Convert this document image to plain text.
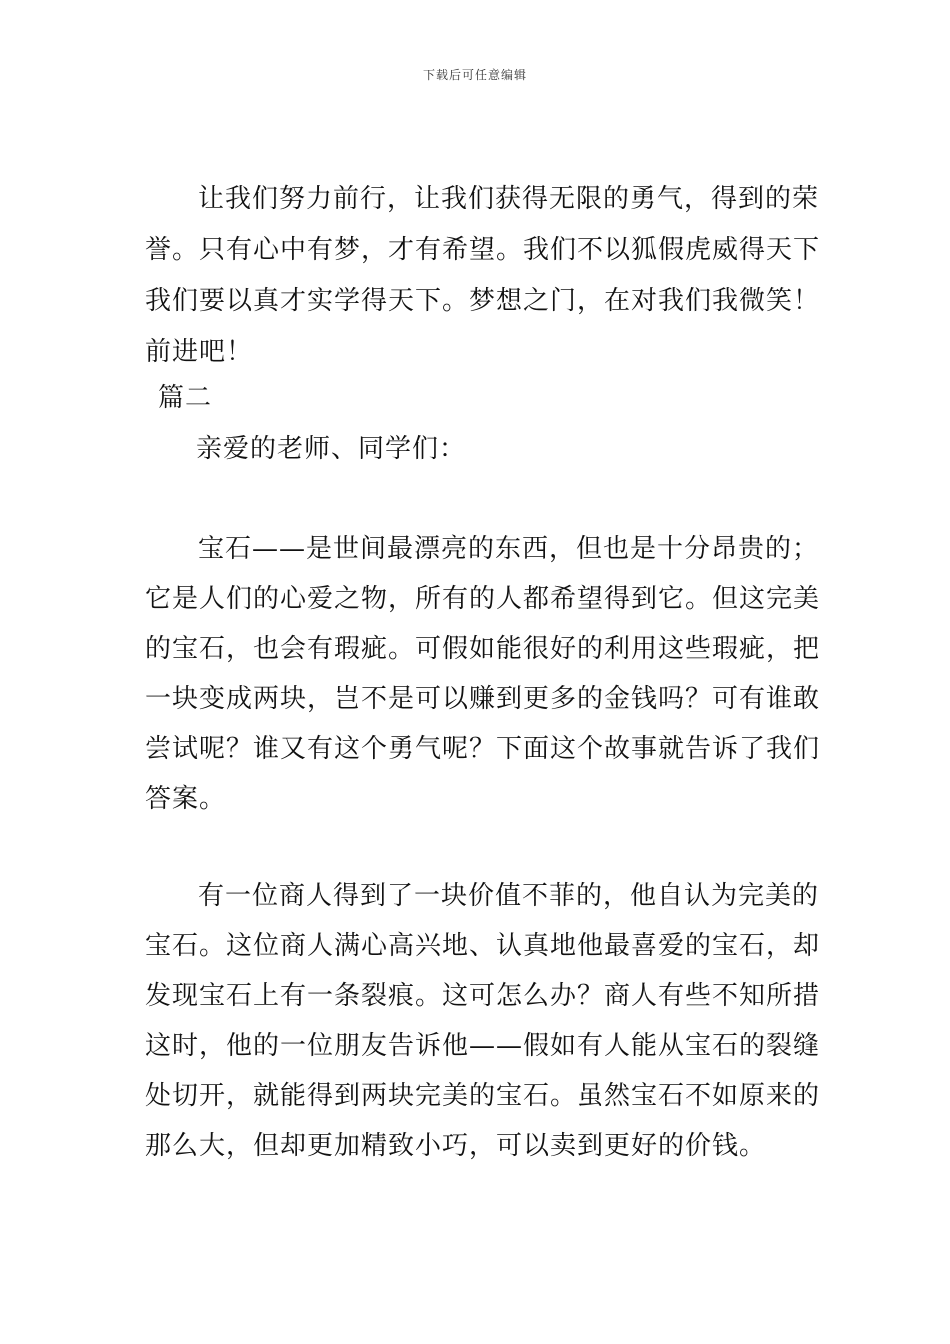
下载后可任意编辑
让我们努力前行，让我们获得无限的勇气，得到的荣
誉。只有心中有梦，才有希望。我们不以狐假虎威得天下
我们要以真才实学得天下。梦想之门，在对我们我微笑！
前进吧！
篇二
亲爱的老师、同学们：
宝石——是世间最漂亮的东西，但也是十分昂贵的；
它是人们的心爱之物，所有的人都希望得到它。但这完美
的宝石，也会有瑕疵。可假如能很好的利用这些瑕疵，把
一块变成两块，岂不是可以赚到更多的金钱吗？可有谁敢
尝试呢？谁又有这个勇气呢？下面这个故事就告诉了我们
答案。
有一位商人得到了一块价值不菲的，他自认为完美的
宝石。这位商人满心高兴地、认真地他最喜爱的宝石，却
发现宝石上有一条裂痕。这可怎么办？商人有些不知所措
这时，他的一位朋友告诉他——假如有人能从宝石的裂缝
处切开，就能得到两块完美的宝石。虽然宝石不如原来的
那么大，但却更加精致小巧，可以卖到更好的价钱。
